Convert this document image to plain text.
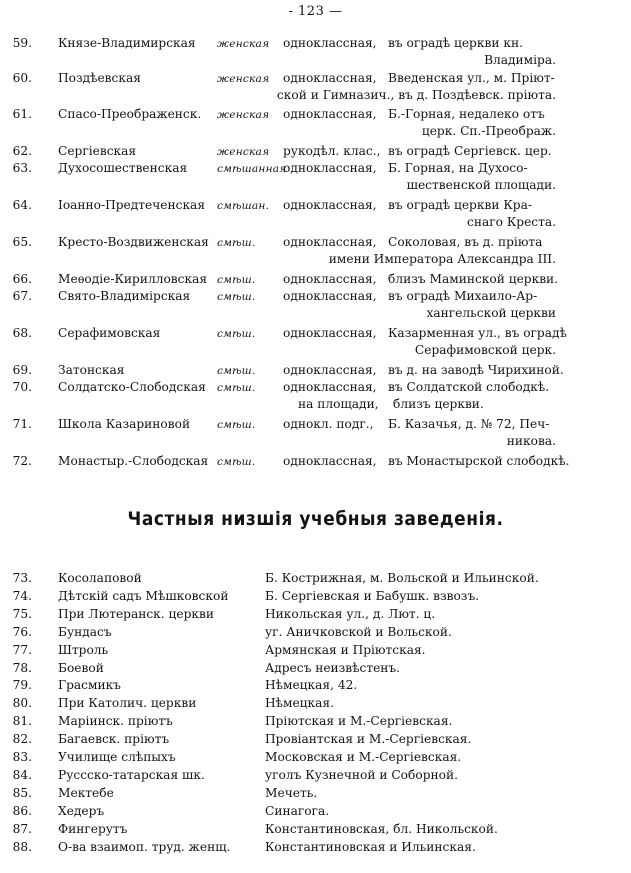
- 123 —
59. Князе-Владимирская женская одноклассная, въ оградѣ церкви кн.
Владиміра.
60. Поздѣевская	женская одноклассная, Введенская ул., м. Пріют-
ской и Гимназич., въ д. Поздѣевск. пріюта.
61. Спасо-Преображенск. женская одноклассная, Б.-Горная, недалеко отъ
церк. Сп.-Преображ.
62. Сергіевская	женская рукодѣл. клас., въ оградѣ Сергіевск. цер.
63. Духосошественская	смѣшанная
одноклассная, Б. Горная, на Духосо-
шественской площади.
64. Іоанно-Предтеченская смѣшан. одноклассная, въ оградѣ церкви Кра-
снаго Креста.
65. Кресто-Воздвиженская смѣш. одноклассная, Соколовая, въ д. пріюта
имени Императора Александра III.
66. Меѳодіе-Кирилловская смѣш. одноклассная, близъ Маминской церкви.
67. Свято-Владимірская	смѣш. одноклассная, въ оградѣ Михаило-Ар-
хангельской церкви
68. Серафимовская	смѣш. одноклассная, Казарменная ул., въ оградѣ
Серафимовской церк.
69. Затонская	смѣш. одноклассная, въ д. на заводѣ Чирихиной.
70. Солдатско-Слободская смѣш. одноклассная, въ Солдатской слободкѣ.
на площади, близъ церкви.
71. Школа Казариновой	смѣш. однокл. подг., Б. Казачья, д. № 72, Печ-
никова.
72. Монастыр.-Слободская смѣш. одноклассная, въ Монастырской слободкѣ.
Частныя низшія учебныя заведенія.
73. Косолаповой	Б. Кострижная, м. Вольской и Ильинской.
74. Дѣтскій садъ Мѣшковской	Б. Сергіевская и Бабушк. взвозъ.
75. При Лютеранск. церкви	Никольская ул., д. Лют. ц.
76. Бундасъ	уг. Аничковской и Вольской.
77. Штроль	Армянская и Пріютская.
78. Боевой	Адресъ неизвѣстенъ.
79. Грасмикъ	Нѣмецкая, 42.
80. При Католич. церкви	Нѣмецкая.
81. Маріинск. пріютъ	Пріютская и М.-Сергіевская.
82. Багаевск. пріютъ	Провіантская и М.-Сергіевская.
83. Училище слѣпыхъ	Московская и М.-Сергіевская.
84. Руссско-татарская шк.	уголъ Кузнечной и Соборной.
85. Мектебе	Мечеть.
86. Хедеръ	Синагога.
87. Фингерутъ	Константиновская, бл. Никольской.
88. О-ва взаимоп. труд. женщ.	Константиновская и Ильинская.
